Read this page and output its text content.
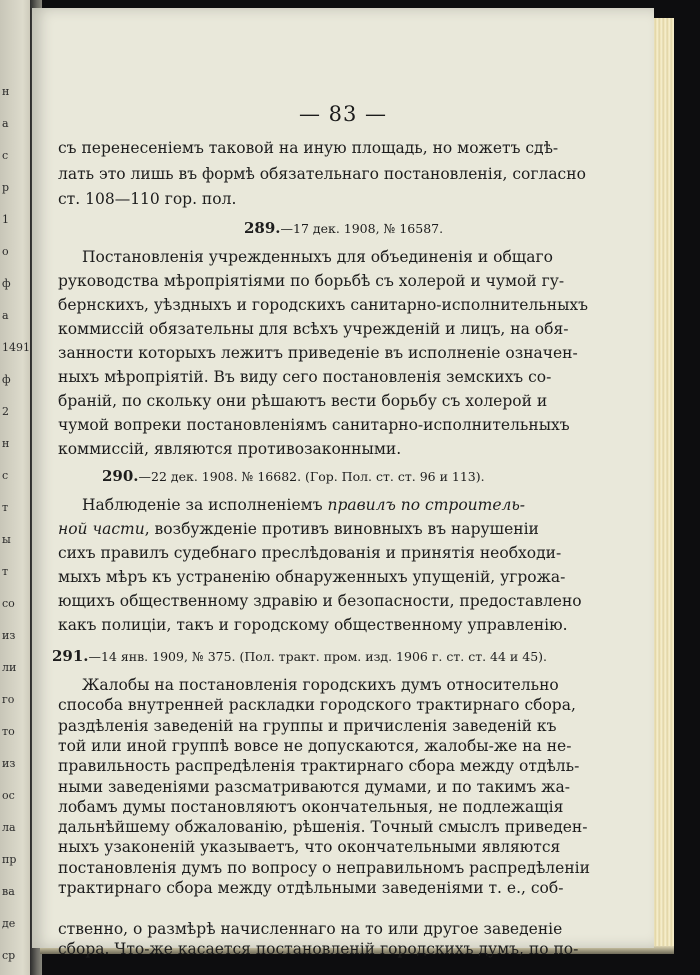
н
а
с
р
1
о
ф
а
1491
ф
2
н
с
т
ы
т
со
из
ли
го
то
из
ос
ла
пр
ва
де
ср
— 83 —
съ перенесеніемъ таковой на иную площадь, но можетъ сдѣ-
лать это лишь въ формѣ обязательнаго постановленія, согласно
ст. 108—110 гор. пол.
289.—17 дек. 1908, № 16587.
Постановленія учрежденныхъ для объединенія и общаго
руководства мѣропріятіями по борьбѣ съ холерой и чумой гу-
бернскихъ, уѣздныхъ и городскихъ санитарно-исполнительныхъ
коммиссій обязательны для всѣхъ учрежденій и лицъ, на обя-
занности которыхъ лежитъ приведеніе въ исполненіе означен-
ныхъ мѣропріятій. Въ виду сего постановленія земскихъ со-
браній, по скольку они рѣшаютъ вести борьбу съ холерой и
чумой вопреки постановленіямъ санитарно-исполнительныхъ
коммиссій, являются противозаконными.
290.—22 дек. 1908. № 16682. (Гор. Пол. ст. ст. 96 и 113).
Наблюденіе за исполненіемъ правилъ по строитель-
ной части, возбужденіе противъ виновныхъ въ нарушеніи
сихъ правилъ судебнаго преслѣдованія и принятія необходи-
мыхъ мѣръ къ устраненію обнаруженныхъ упущеній, угрожа-
ющихъ общественному здравію и безопасности, предоставлено
какъ полиціи, такъ и городскому общественному управленію.
291.—14 янв. 1909, № 375. (Пол. тракт. пром. изд. 1906 г. ст. ст. 44 и 45).
Жалобы на постановленія городскихъ думъ относительно
способа внутренней раскладки городского трактирнаго сбора,
раздѣленія заведеній на группы и причисленія заведеній къ
той или иной группѣ вовсе не допускаются, жалобы-же на не-
правильность распредѣленія трактирнаго сбора между отдѣль-
ными заведеніями разсматриваются думами, и по такимъ жа-
лобамъ думы постановляютъ окончательныя, не подлежащія
дальнѣйшему обжалованію, рѣшенія. Точный смыслъ приведен-
ныхъ узаконеній указываетъ, что окончательными являются
постановленія думъ по вопросу о неправильномъ распредѣленіи
трактирнаго сбора между отдѣльными заведеніями т. е., соб-
ственно, о размѣрѣ начисленнаго на то или другое заведеніе
сбора. Что-же касается постановленій городскихъ думъ, по по-
